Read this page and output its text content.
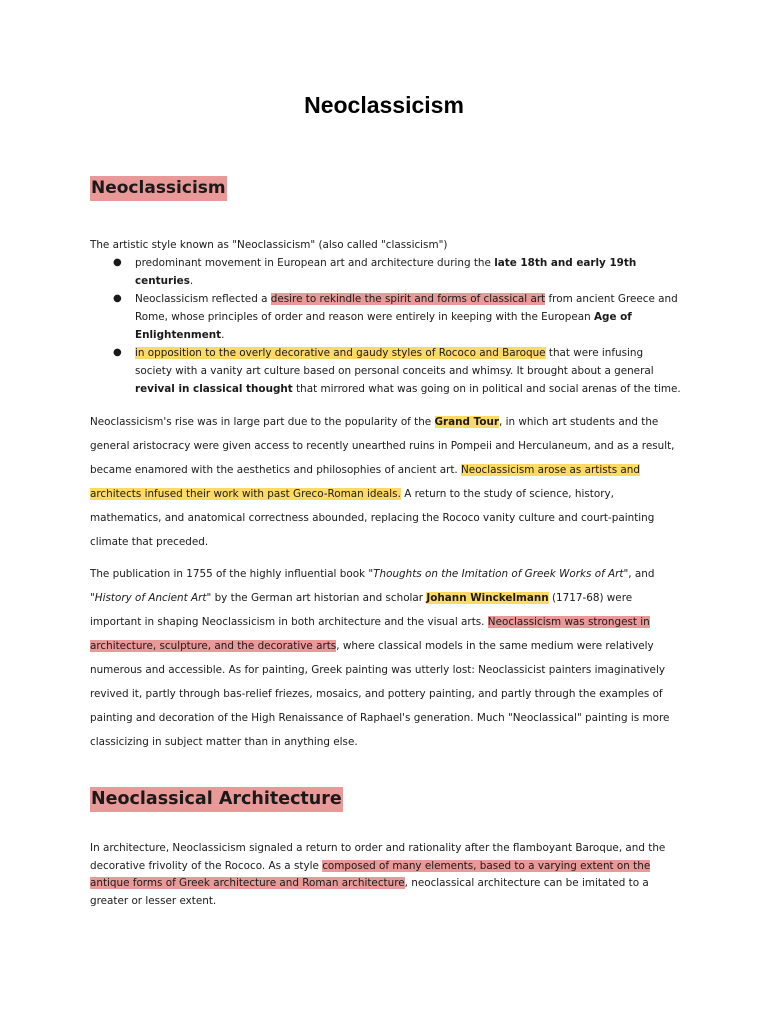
Neoclassicism
Neoclassicism
The artistic style known as "Neoclassicism" (also called "classicism")
● predominant movement in European art and architecture during the late 18th and early 19th centuries.
● Neoclassicism reflected a desire to rekindle the spirit and forms of classical art from ancient Greece and Rome, whose principles of order and reason were entirely in keeping with the European Age of Enlightenment.
● in opposition to the overly decorative and gaudy styles of Rococo and Baroque that were infusing society with a vanity art culture based on personal conceits and whimsy. It brought about a general revival in classical thought that mirrored what was going on in political and social arenas of the time.
Neoclassicism's rise was in large part due to the popularity of the Grand Tour, in which art students and the general aristocracy were given access to recently unearthed ruins in Pompeii and Herculaneum, and as a result, became enamored with the aesthetics and philosophies of ancient art. Neoclassicism arose as artists and architects infused their work with past Greco-Roman ideals. A return to the study of science, history, mathematics, and anatomical correctness abounded, replacing the Rococo vanity culture and court-painting climate that preceded.
The publication in 1755 of the highly influential book "Thoughts on the Imitation of Greek Works of Art", and "History of Ancient Art" by the German art historian and scholar Johann Winckelmann (1717-68) were important in shaping Neoclassicism in both architecture and the visual arts. Neoclassicism was strongest in architecture, sculpture, and the decorative arts, where classical models in the same medium were relatively numerous and accessible. As for painting, Greek painting was utterly lost: Neoclassicist painters imaginatively revived it, partly through bas-relief friezes, mosaics, and pottery painting, and partly through the examples of painting and decoration of the High Renaissance of Raphael's generation. Much "Neoclassical" painting is more classicizing in subject matter than in anything else.
Neoclassical Architecture
In architecture, Neoclassicism signaled a return to order and rationality after the flamboyant Baroque, and the decorative frivolity of the Rococo. As a style composed of many elements, based to a varying extent on the antique forms of Greek architecture and Roman architecture, neoclassical architecture can be imitated to a greater or lesser extent.
